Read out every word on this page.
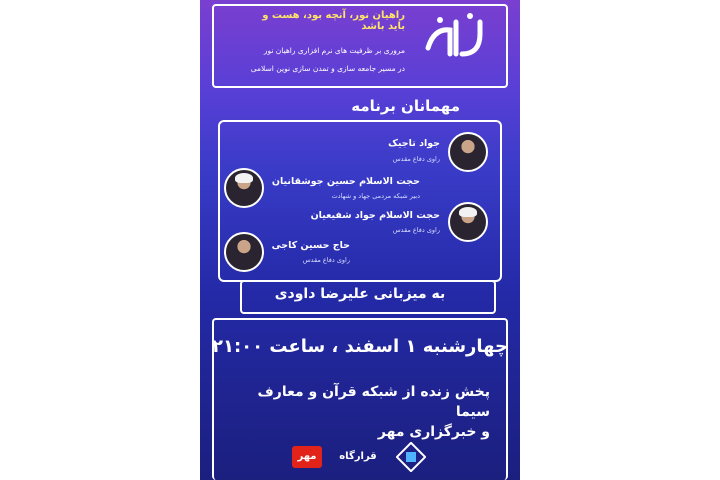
راهیان نور، آنچه بود، هست و باید باشد
مروری بر ظرفیت های نرم افزاری راهیان نور
در مسیر جامعه سازی و تمدن سازی نوین اسلامی
مهمانان برنامه
جواد تاجیک
راوی دفاع مقدس
حجت الاسلام حسین جوشقانیان
دبیر شبکه مردمی جهاد و شهادت
حجت الاسلام جواد شفیعیان
راوی دفاع مقدس
حاج حسین کاجی
راوی دفاع مقدس
به میزبانی علیرضا داودی
چهارشنبه ۱ اسفند ، ساعت ۲۱:۰۰
پخش زنده از شبکه قرآن و معارف سیما
و خبرگزاری مهر
مهر	قرارگاه
